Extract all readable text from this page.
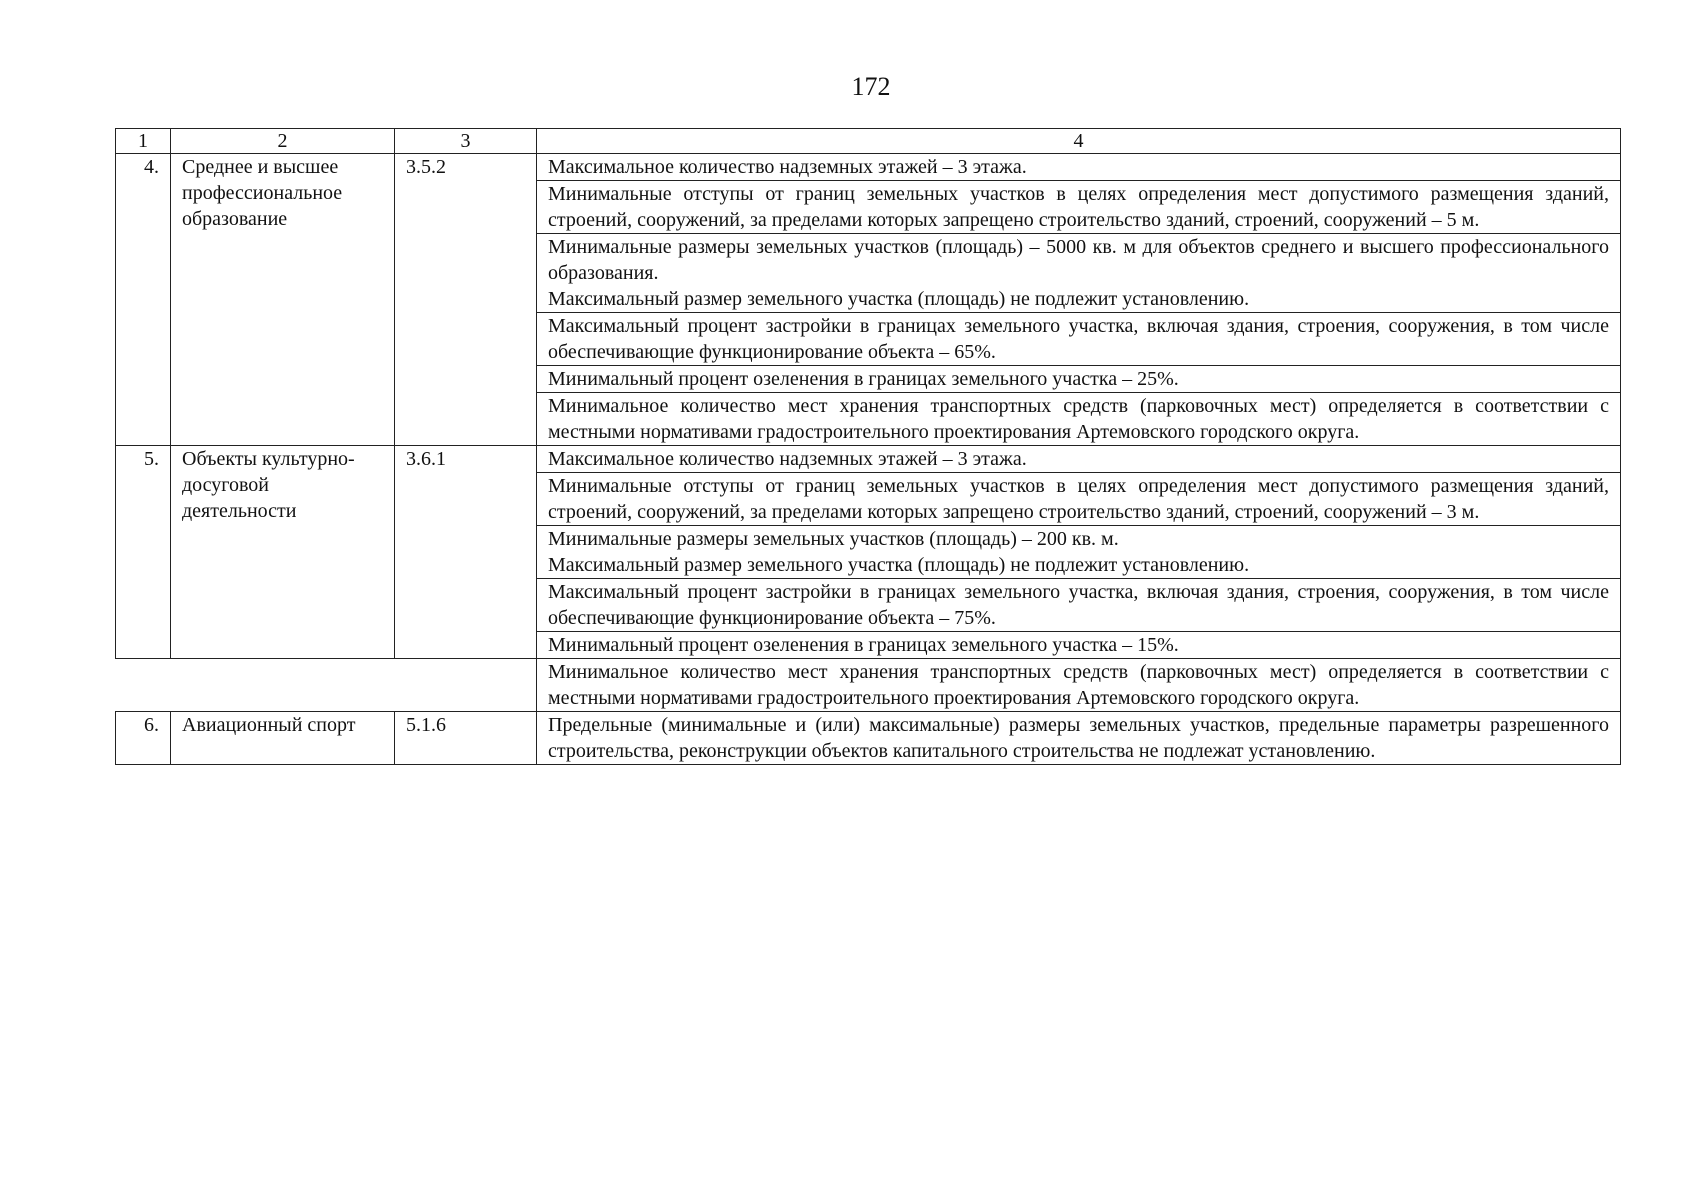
172
1	2	3	4
4.	Среднее и высшее профессиональное образование	3.5.2	Максимальное количество надземных этажей – 3 этажа.
			Минимальные отступы от границ земельных участков в целях определения мест допустимого размещения зданий, строений, сооружений, за пределами которых запрещено строительство зданий, строений, сооружений – 5 м.

			Минимальные размеры земельных участков (площадь) – 5000 кв. м для объектов среднего и высшего профессионального образования.
Максимальный размер земельного участка (площадь) не подлежит установлению.

			Максимальный процент застройки в границах земельного участка, включая здания, строения, сооружения, в том числе обеспечивающие функционирование объекта – 65%.
			Минимальный процент озеленения в границах земельного участка – 25%.
			Минимальное количество мест хранения транспортных средств (парковочных мест) определяется в соответствии с местными нормативами градостроительного проектирования Артемовского городского округа.
5.	Объекты культурно-досуговой деятельности	3.6.1	Максимальное количество надземных этажей – 3 этажа.
			Минимальные отступы от границ земельных участков в целях определения мест допустимого размещения зданий, строений, сооружений, за пределами которых запрещено строительство зданий, строений, сооружений – 3 м.

			Минимальные размеры земельных участков (площадь) – 200 кв. м.
Максимальный размер земельного участка (площадь) не подлежит установлению.

			Максимальный процент застройки в границах земельного участка, включая здания, строения, сооружения, в том числе обеспечивающие функционирование объекта – 75%.
			Минимальный процент озеленения в границах земельного участка – 15%.
			Минимальное количество мест хранения транспортных средств (парковочных мест) определяется в соответствии с местными нормативами градостроительного проектирования Артемовского городского округа.
6.	Авиационный спорт	5.1.6	Предельные (минимальные и (или) максимальные) размеры земельных участков, предельные параметры разрешенного строительства, реконструкции объектов капитального строительства не подлежат установлению.
